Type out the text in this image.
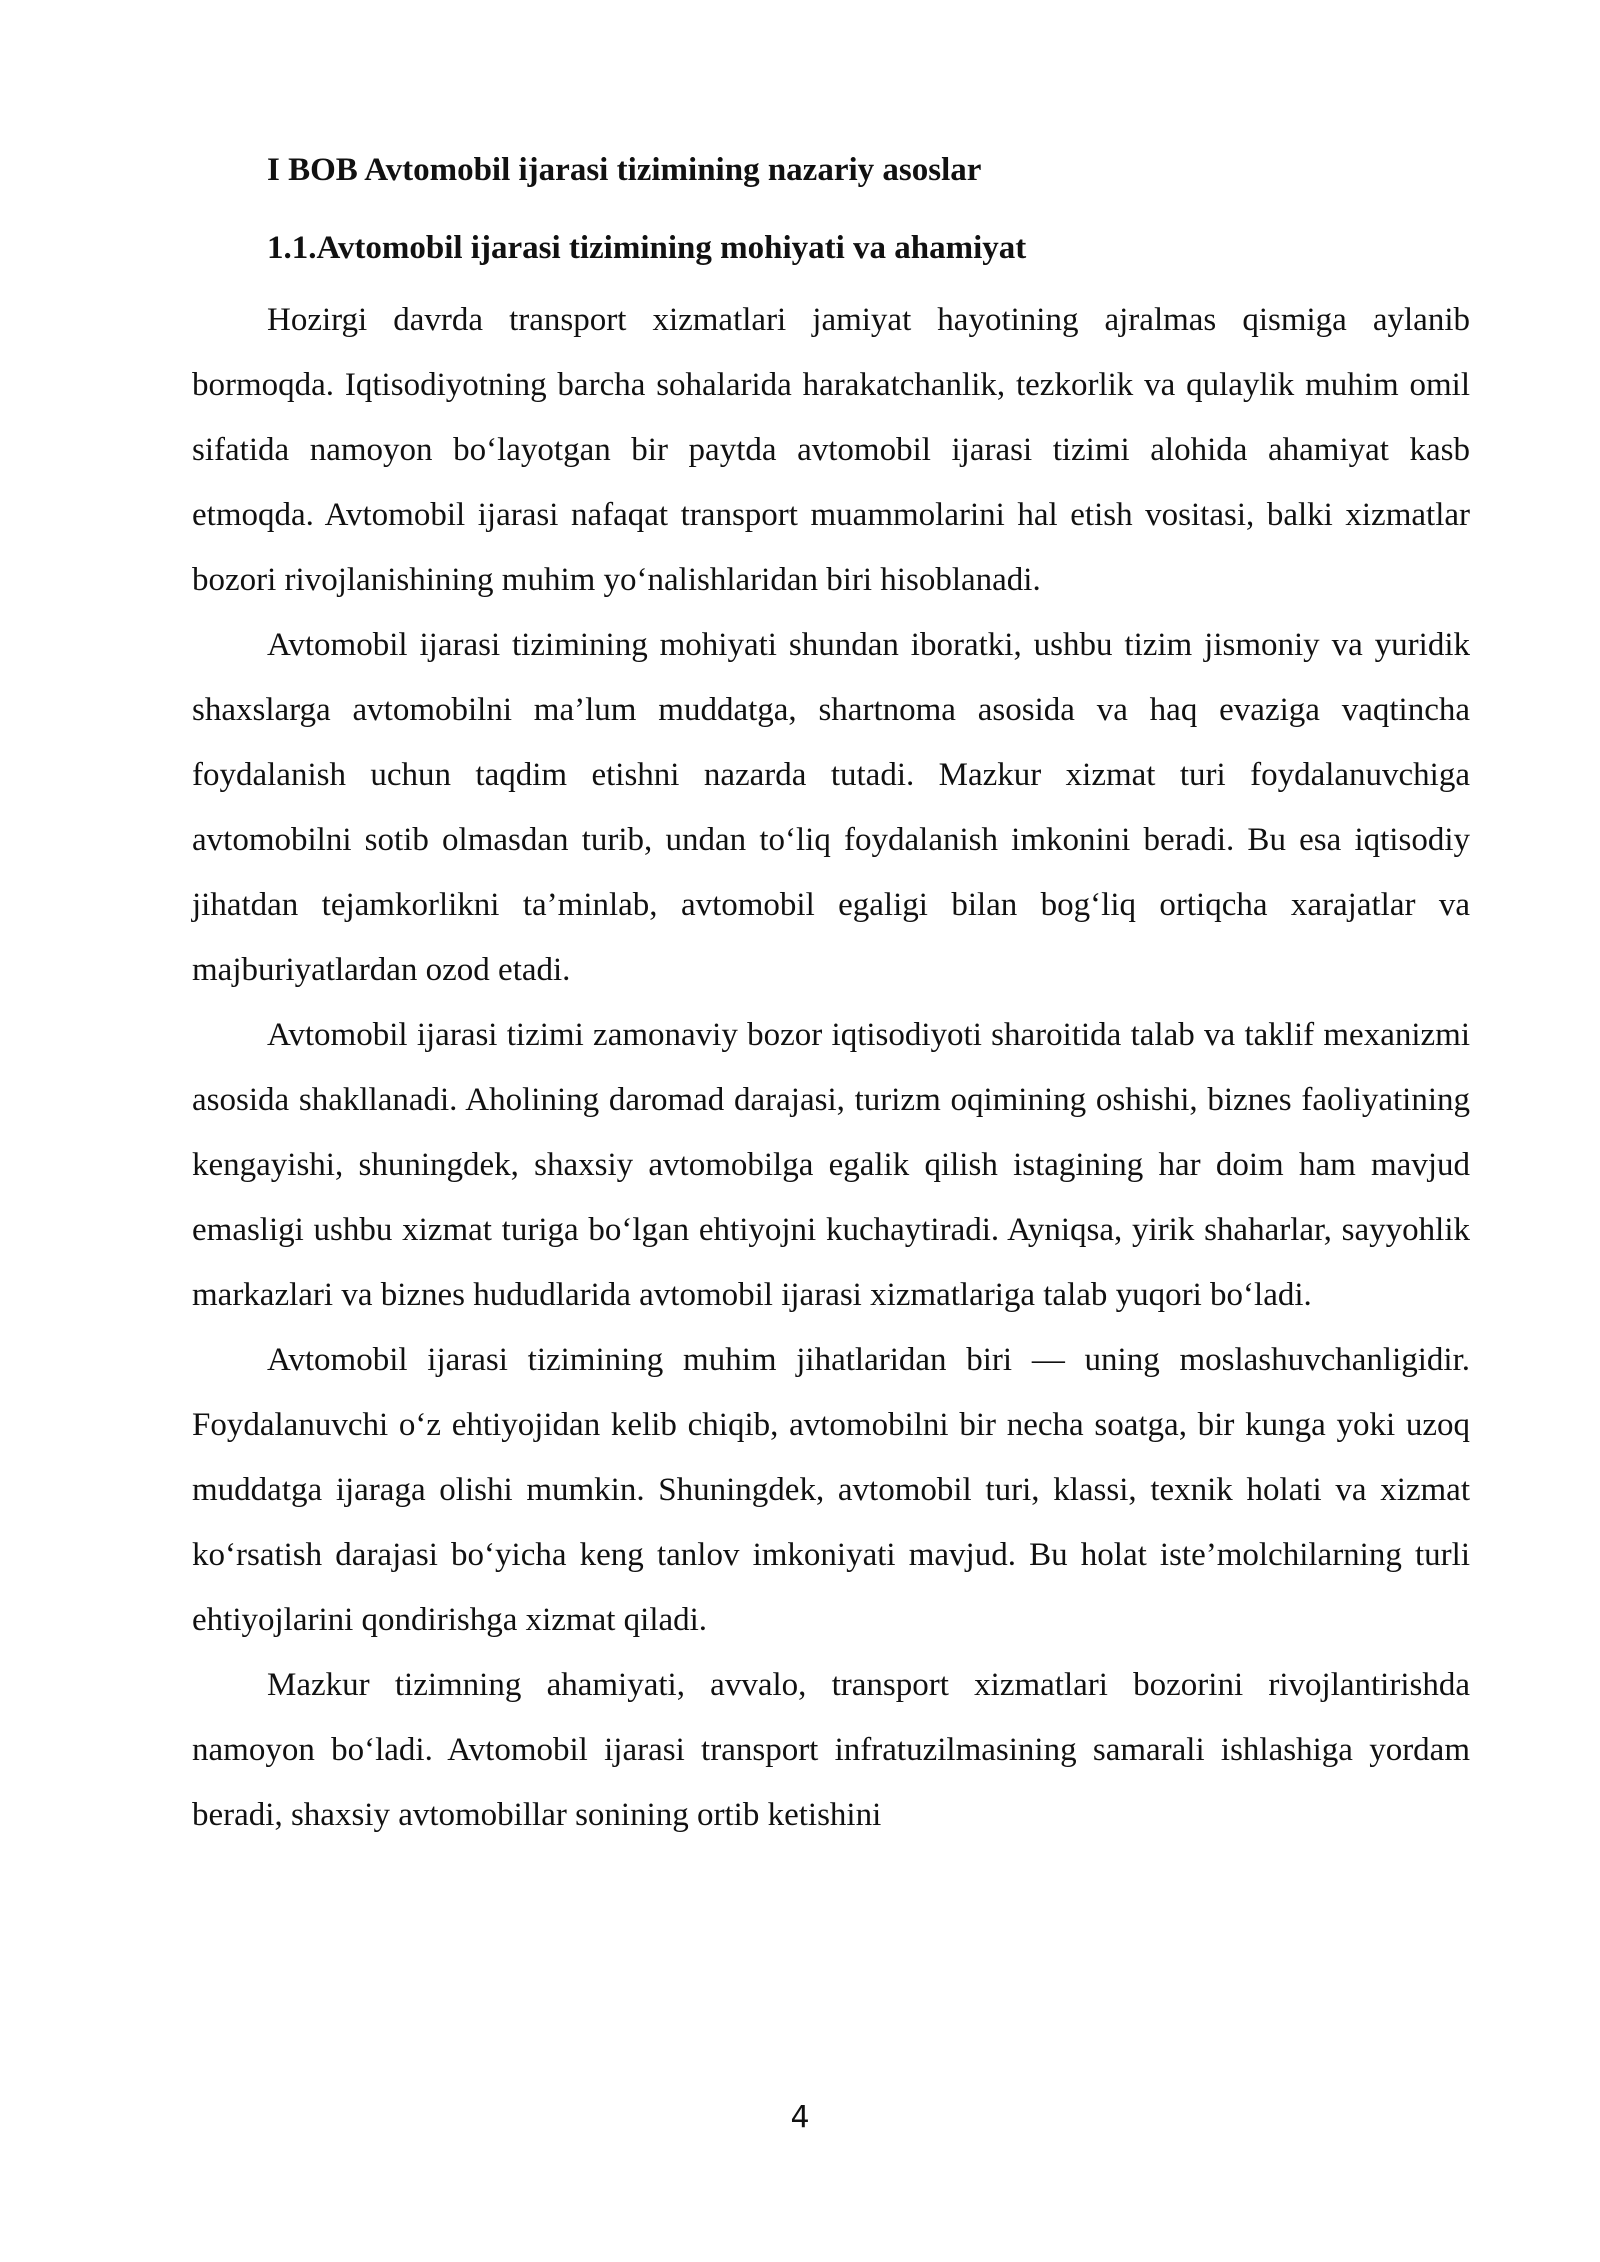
I BOB Avtomobil ijarasi tizimining nazariy asoslar
1.1.Avtomobil ijarasi tizimining mohiyati va ahamiyat

Hozirgi davrda transport xizmatlari jamiyat hayotining ajralmas qismiga aylanib bormoqda. Iqtisodiyotning barcha sohalarida harakatchanlik, tezkorlik va qulaylik muhim omil sifatida namoyon bo‘layotgan bir paytda avtomobil ijarasi tizimi alohida ahamiyat kasb etmoqda. Avtomobil ijarasi nafaqat transport muammolarini hal etish vositasi, balki xizmatlar bozori rivojlanishining muhim yo‘nalishlaridan biri hisoblanadi.

Avtomobil ijarasi tizimining mohiyati shundan iboratki, ushbu tizim jismoniy va yuridik shaxslarga avtomobilni ma’lum muddatga, shartnoma asosida va haq evaziga vaqtincha foydalanish uchun taqdim etishni nazarda tutadi. Mazkur xizmat turi foydalanuvchiga avtomobilni sotib olmasdan turib, undan to‘liq foydalanish imkonini beradi. Bu esa iqtisodiy jihatdan tejamkorlikni ta’minlab, avtomobil egaligi bilan bog‘liq ortiqcha xarajatlar va majburiyatlardan ozod etadi.

Avtomobil ijarasi tizimi zamonaviy bozor iqtisodiyoti sharoitida talab va taklif mexanizmi asosida shakllanadi. Aholining daromad darajasi, turizm oqimining oshishi, biznes faoliyatining kengayishi, shuningdek, shaxsiy avtomobilga egalik qilish istagining har doim ham mavjud emasligi ushbu xizmat turiga bo‘lgan ehtiyojni kuchaytiradi. Ayniqsa, yirik shaharlar, sayyohlik markazlari va biznes hududlarida avtomobil ijarasi xizmatlariga talab yuqori bo‘ladi.

Avtomobil ijarasi tizimining muhim jihatlaridan biri — uning moslashuvchanligidir. Foydalanuvchi o‘z ehtiyojidan kelib chiqib, avtomobilni bir necha soatga, bir kunga yoki uzoq muddatga ijaraga olishi mumkin. Shuningdek, avtomobil turi, klassi, texnik holati va xizmat ko‘rsatish darajasi bo‘yicha keng tanlov imkoniyati mavjud. Bu holat iste’molchilarning turli ehtiyojlarini qondirishga xizmat qiladi.

Mazkur tizimning ahamiyati, avvalo, transport xizmatlari bozorini rivojlantirishda namoyon bo‘ladi. Avtomobil ijarasi transport infratuzilmasining samarali ishlashiga yordam beradi, shaxsiy avtomobillar sonining ortib ketishini

4
